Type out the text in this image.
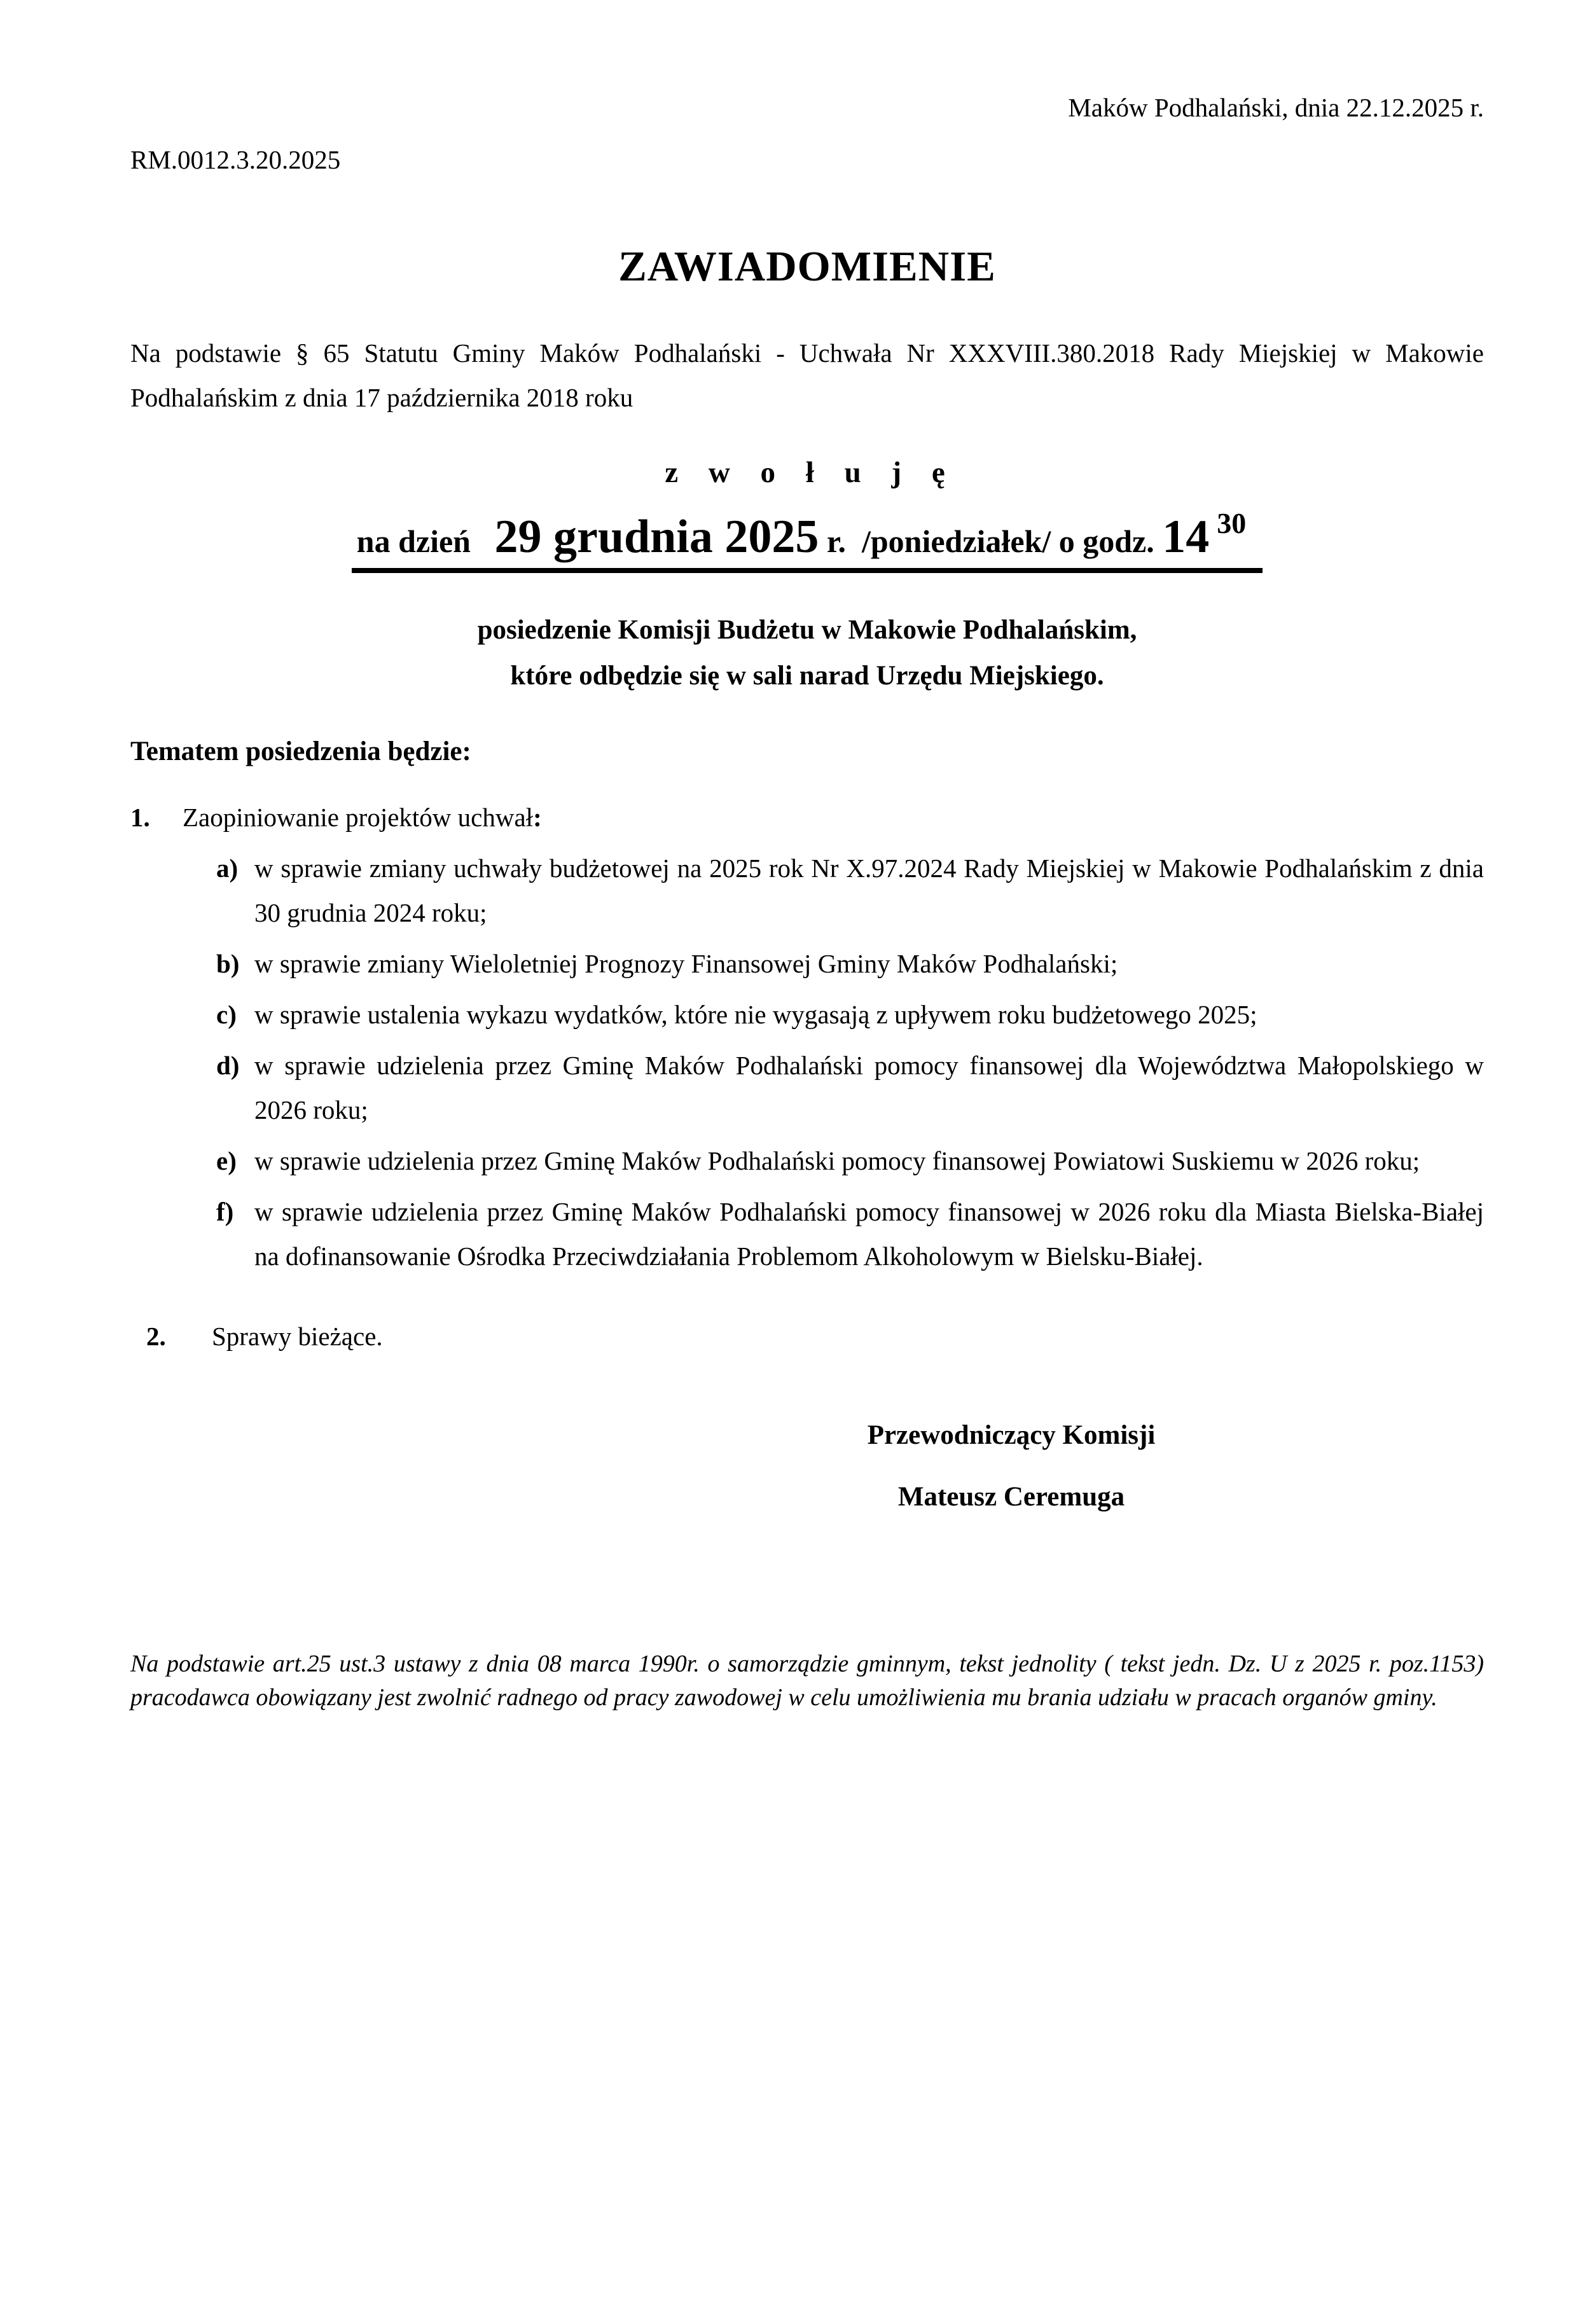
Maków Podhalański, dnia 22.12.2025 r.
RM.0012.3.20.2025
ZAWIADOMIENIE

Na podstawie § 65 Statutu Gminy Maków Podhalański - Uchwała Nr XXXVIII.380.2018 Rady Miejskiej w Makowie Podhalańskim z dnia 17 października 2018 roku

z w o ł u j ę
na dzień 29 grudnia 2025 r. /poniedziałek/ o godz. 14 30
posiedzenie Komisji Budżetu w Makowie Podhalańskim,
które odbędzie się w sali narad Urzędu Miejskiego.
Tematem posiedzenia będzie:
1. Zaopiniowanie projektów uchwał:
a) w sprawie zmiany uchwały budżetowej na 2025 rok Nr X.97.2024 Rady Miejskiej w Makowie Podhalańskim z dnia 30 grudnia 2024 roku;
b) w sprawie zmiany Wieloletniej Prognozy Finansowej Gminy Maków Podhalański;
c) w sprawie ustalenia wykazu wydatków, które nie wygasają z upływem roku budżetowego 2025;
d) w sprawie udzielenia przez Gminę Maków Podhalański pomocy finansowej dla Województwa Małopolskiego w 2026 roku;
e) w sprawie udzielenia przez Gminę Maków Podhalański pomocy finansowej Powiatowi Suskiemu w 2026 roku;
f) w sprawie udzielenia przez Gminę Maków Podhalański pomocy finansowej w 2026 roku dla Miasta Bielska-Białej na dofinansowanie Ośrodka Przeciwdziałania Problemom Alkoholowym w Bielsku-Białej.
2. Sprawy bieżące.
Przewodniczący Komisji
Mateusz Ceremuga

Na podstawie art.25 ust.3 ustawy z dnia 08 marca 1990r. o samorządzie gminnym, tekst jednolity ( tekst jedn. Dz. U z 2025 r. poz.1153) pracodawca obowiązany jest zwolnić radnego od pracy zawodowej w celu umożliwienia mu brania udziału w pracach organów gminy.
